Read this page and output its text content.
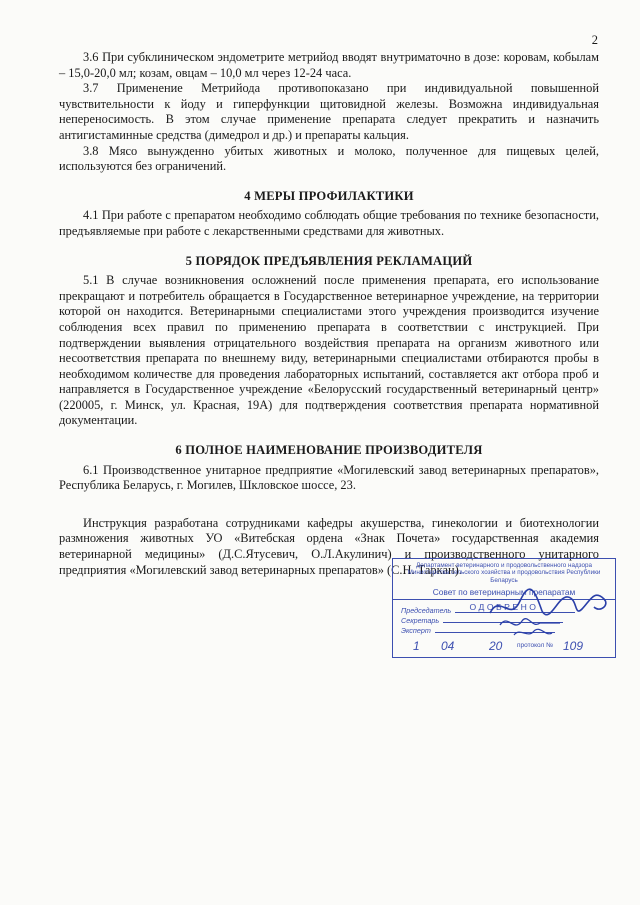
2

3.6 При субклиническом эндометрите метрийод вводят внутриматочно в дозе: коровам, кобылам – 15,0-20,0 мл; козам, овцам – 10,0 мл через 12-24 часа.

3.7 Применение Метрийода противопоказано при индивидуальной повышенной чувствительности к йоду и гиперфункции щитовидной железы. Возможна индивидуальная непереносимость. В этом случае применение препарата следует прекратить и назначить антигистаминные средства (димедрол и др.) и препараты кальция.

3.8 Мясо вынужденно убитых животных и молоко, полученное для пищевых целей, используются без ограничений.

4 МЕРЫ ПРОФИЛАКТИКИ

4.1 При работе с препаратом необходимо соблюдать общие требования по технике безопасности, предъявляемые при работе с лекарственными средствами для животных.

5 ПОРЯДОК ПРЕДЪЯВЛЕНИЯ РЕКЛАМАЦИЙ

5.1 В случае возникновения осложнений после применения препарата, его использование прекращают и потребитель обращается в Государственное ветеринарное учреждение, на территории которой он находится. Ветеринарными специалистами этого учреждения производится изучение соблюдения всех правил по применению препарата в соответствии с инструкцией. При подтверждении выявления отрицательного воздействия препарата на организм животного или несоответствия препарата по внешнему виду, ветеринарными специалистами отбираются пробы в необходимом количестве для проведения лабораторных испытаний, составляется акт отбора проб и направляется в Государственное учреждение «Белорусский государственный ветеринарный центр» (220005, г. Минск, ул. Красная, 19А) для подтверждения соответствия препарата нормативной документации.

6 ПОЛНОЕ НАИМЕНОВАНИЕ ПРОИЗВОДИТЕЛЯ

6.1 Производственное унитарное предприятие «Могилевский завод ветеринарных препаратов», Республика Беларусь, г. Могилев, Шкловское шоссе, 23.

Инструкция разработана сотрудниками кафедры акушерства, гинекологии и биотехнологии размножения животных УО «Витебская ордена «Знак Почета» государственная академия ветеринарной медицины» (Д.С.Ятусевич, О.Л.Акулинич) и производственного унитарного предприятия «Могилевский завод ветеринарных препаратов» (С.Н. Таркан).

Департамент ветеринарного и продовольственного надзора Министерства сельского хозяйства и продовольствия Республики Беларусь
Совет по ветеринарным препаратам
ОДОБРЕНО
Председатель
Секретарь
Эксперт
1 04	20 протокол № 109
